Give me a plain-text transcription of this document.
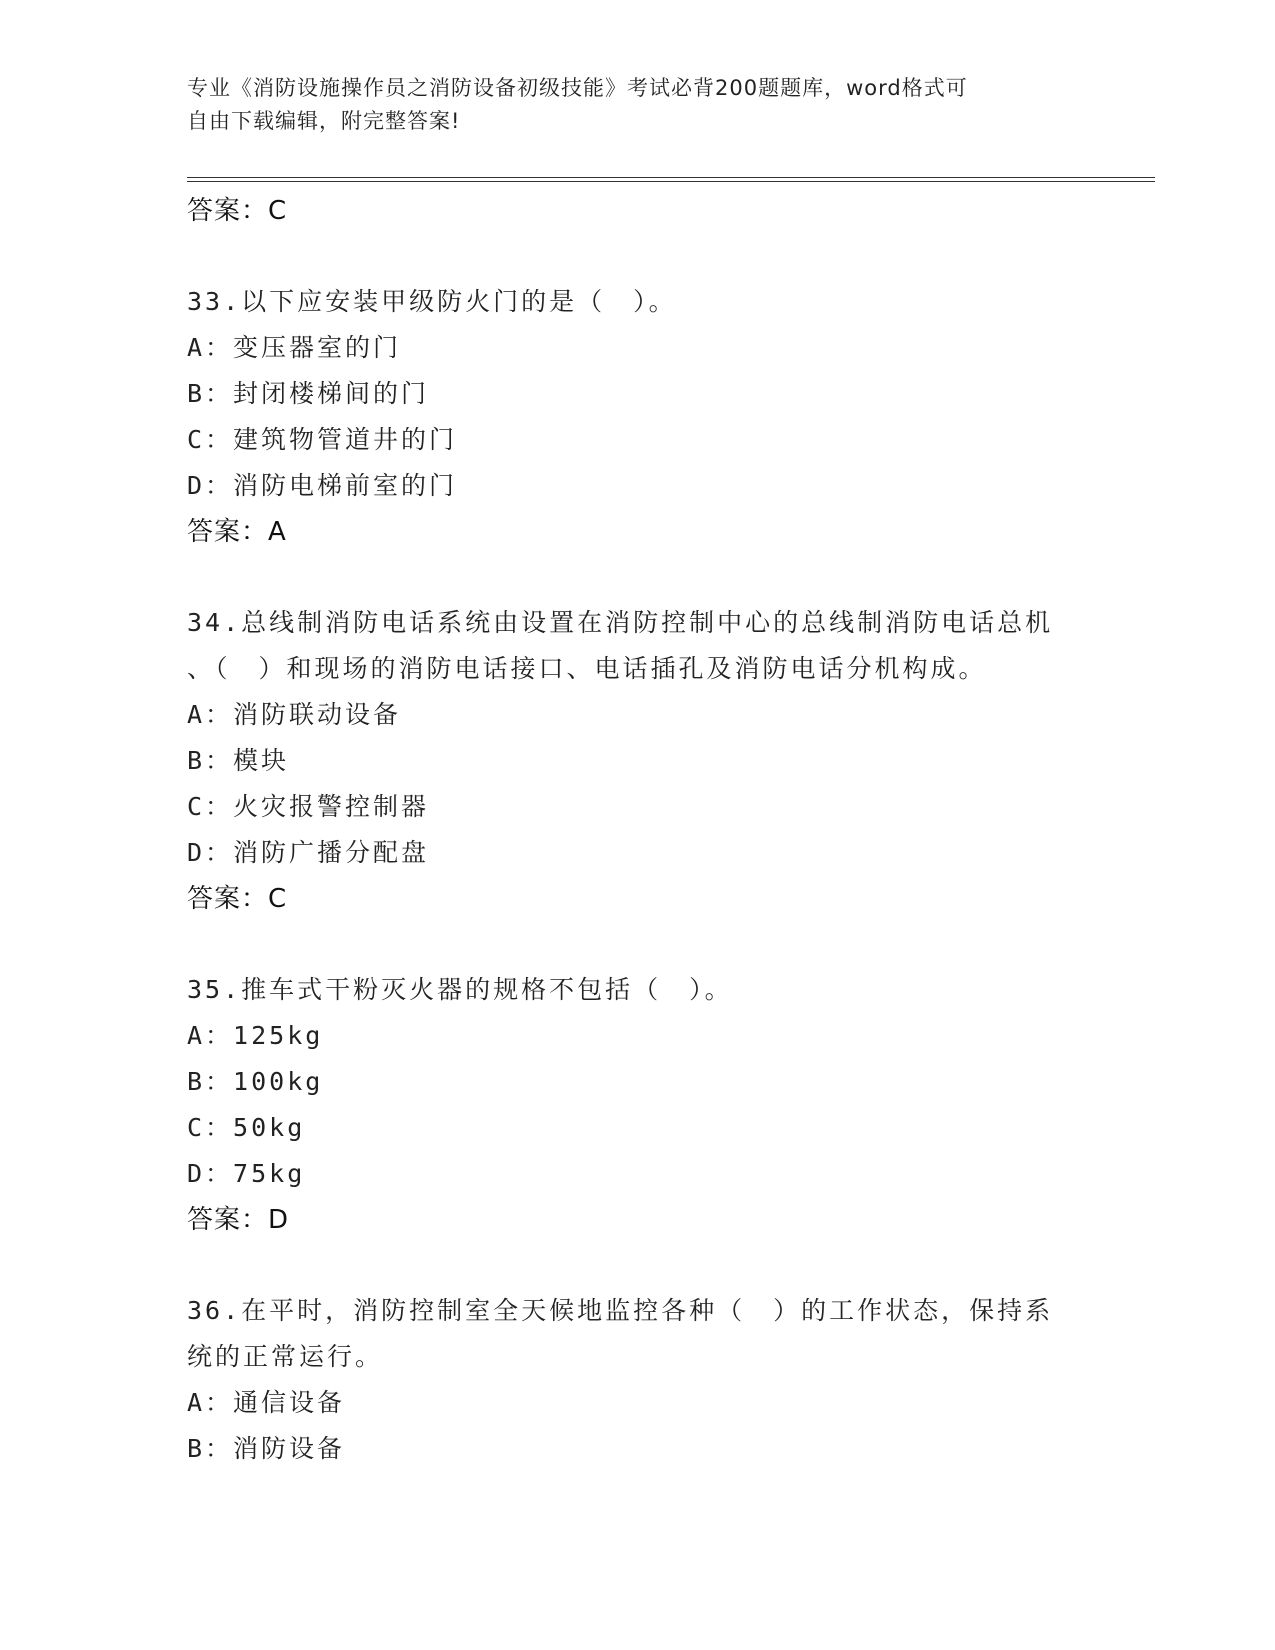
专业《消防设施操作员之消防设备初级技能》考试必背200题题库，word格式可
自由下载编辑，附完整答案!
答案：C
33.以下应安装甲级防火门的是（　）。
A：变压器室的门
B：封闭楼梯间的门
C：建筑物管道井的门
D：消防电梯前室的门
答案：A
34.总线制消防电话系统由设置在消防控制中心的总线制消防电话总机
、（　）和现场的消防电话接口、电话插孔及消防电话分机构成。
A：消防联动设备
B：模块
C：火灾报警控制器
D：消防广播分配盘
答案：C
35.推车式干粉灭火器的规格不包括（　）。
A：125kg
B：100kg
C：50kg
D：75kg
答案：D
36.在平时，消防控制室全天候地监控各种（　）的工作状态，保持系
统的正常运行。
A：通信设备
B：消防设备
